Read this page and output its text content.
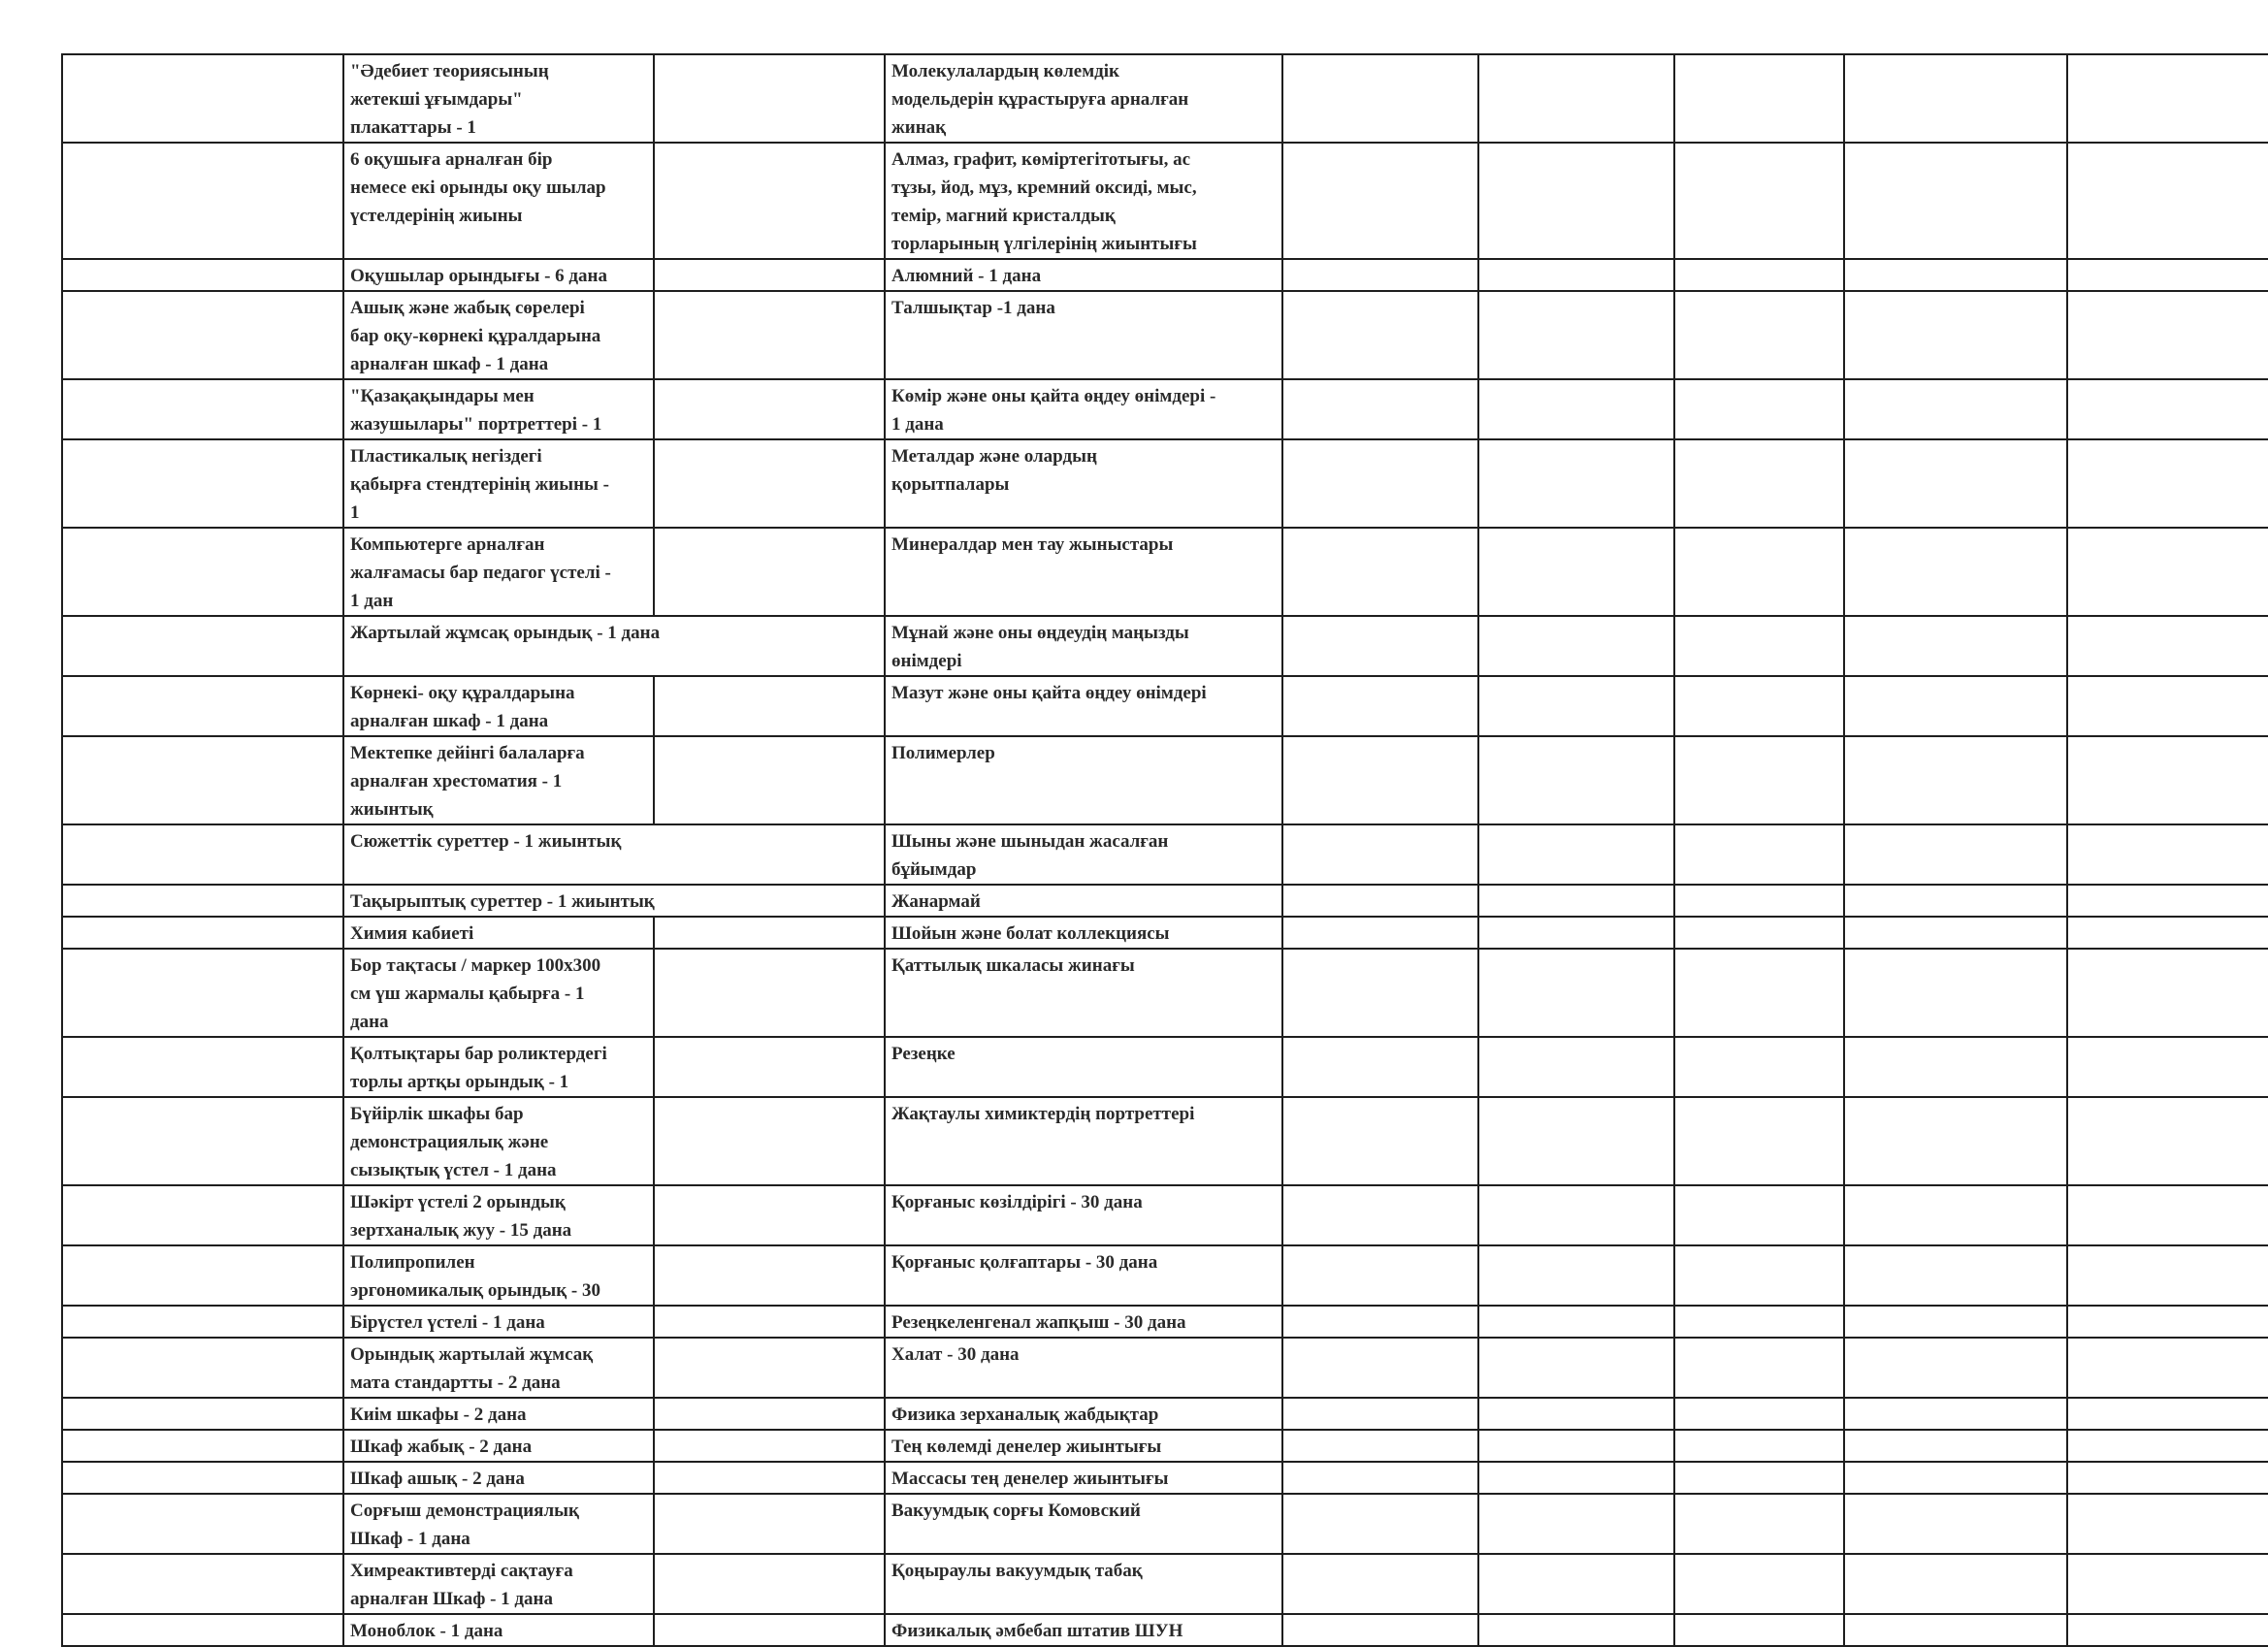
	"Әдебиет теориясының
жетекші ұғымдары"
плакаттары - 1		Молекулалардың көлемдік
модельдерін құрастыруға арналған
жинақ					
	6 оқушыға арналған бір
немесе екі орынды оқу шылар
үстелдерінің жиыны		Алмаз, графит, көміртегітотығы, ас
тұзы, йод, мұз, кремний оксиді, мыс,
темір, магний кристалдық
торларының үлгілерінің жиынтығы					
	Оқушылар орындығы - 6 дана		Алюмний - 1 дана					
	Ашық және жабық сөрелері
бар оқу-көрнекі құралдарына
арналған шкаф - 1 дана		Талшықтар -1 дана					
	"Қазақақындары мен
жазушылары" портреттері - 1		Көмір және оны қайта өңдеу өнімдері -
1 дана					
	Пластикалық негіздегі
қабырға стендтерінің жиыны -
1		Металдар және олардың
қорытпалары					
	Компьютерге арналған
жалғамасы бар педагог үстелі -
1 дан		Минералдар мен тау жыныстары					
	Жартылай жұмсақ орындық - 1 дана		Мұнай және оны өңдеудің маңызды
өнімдері					
	Көрнекі- оқу құралдарына
арналған шкаф - 1 дана		Мазут және оны қайта өңдеу өнімдері					
	Мектепке дейінгі балаларға
арналған хрестоматия - 1
жиынтық		Полимерлер					
	Сюжеттік суреттер - 1 жиынтық		Шыны және шыныдан жасалған
бұйымдар					
	Тақырыптық суреттер - 1 жиынтық		Жанармай					
	Химия кабиеті		Шойын және болат коллекциясы					
	Бор тақтасы / маркер 100х300
см үш жармалы қабырға - 1
дана		Қаттылық шкаласы жинағы					
	Қолтықтары бар роликтердегі
торлы артқы орындық - 1		Резеңке					
	Бүйірлік шкафы бар
демонстрациялық және
сызықтық үстел - 1 дана		Жақтаулы химиктердің портреттері					
	Шәкірт үстелі 2 орындық
зертханалық жуу - 15 дана		Қорғаныс көзілдірігі - 30 дана					
	Полипропилен
эргономикалық орындық - 30		Қорғаныс қолғаптары - 30 дана					
	Бірүстел үстелі - 1 дана		Резеңкеленгенал жапқыш - 30 дана					
	Орындық жартылай жұмсақ
мата стандартты - 2 дана		Халат - 30 дана					
	Киім шкафы - 2 дана		Физика зерханалық жабдықтар					
	Шкаф жабық - 2 дана		Тең көлемді денелер жиынтығы					
	Шкаф ашық - 2 дана		Массасы тең денелер жиынтығы					
	Сорғыш демонстрациялық
Шкаф - 1 дана		Вакуумдық сорғы Комовский					
	Химреактивтерді сақтауға
арналған Шкаф - 1 дана		Қоңыраулы вакуумдық табақ					
	Моноблок - 1 дана		Физикалық әмбебап штатив ШУН					
